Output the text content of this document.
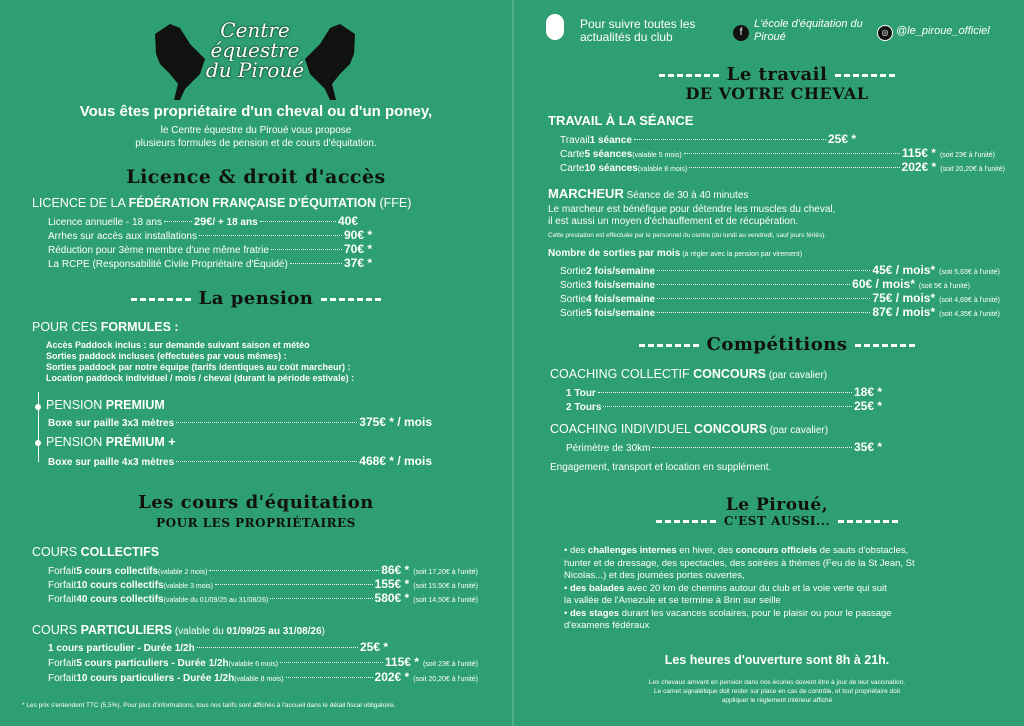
Centre
équestre
du Piroué
Vous êtes propriétaire d'un cheval ou d'un poney,
le Centre équestre du Piroué vous propose
plusieurs formules de pension et de cours d'équitation.
Licence & droit d'accès
LICENCE DE LA FÉDÉRATION FRANÇAISE D'ÉQUITATION (FFE)
Licence annuelle - 18 ans	29€ / + 18 ans	40€
Arrhes sur accès aux installations	90€ *
Réduction pour 3ème membre d'une même fratrie	70€ *
La RCPE (Responsabilité Civile Propriétaire d'Équidé)	37€ *
La pension
POUR CES FORMULES :
Accès Paddock inclus : sur demande suivant saison et météo
Sorties paddock incluses (effectuées par vous mêmes) :
Sorties paddock par notre équipe (tarifs identiques au coût marcheur) :
Location paddock individuel / mois / cheval (durant la période estivale) :
PENSION PREMIUM
Boxe sur paille 3x3 mètres	375€ * / mois
PENSION PRÉMIUM +
Boxe sur paille 4x3 mètres	468€ * / mois
Les cours d'équitation
POUR LES PROPRIÉTAIRES
COURS COLLECTIFS
Forfait 5 cours collectifs (valable 2 mois)	86€ * (soit 17,20€ à l'unité)
Forfait 10 cours collectifs (valable 3 mois)	155€ * (soit 15,50€ à l'unité)
Forfait 40 cours collectifs (valable du 01/09/25 au 31/08/26)	580€ * (soit 14,50€ à l'unité)
COURS PARTICULIERS (valable du 01/09/25 au 31/08/26)
1 cours particulier - Durée 1/2h	25€ *
Forfait 5 cours particuliers - Durée 1/2h (valable 6 mois)	115€ * (soit 23€ à l'unité)
Forfait 10 cours particuliers - Durée 1/2h (valable 8 mois)	202€ * (soit 20,20€ à l'unité)
* Les prix s'entendent TTC (5,5%). Pour plus d'informations, tous nos tarifs sont affichés à l'accueil dans le détail fiscal obligatoire.
Pour suivre toutes les actualités du club	f
L'école d'équitation du Piroué	◎ @le_piroue_officiel
Le travail
DE VOTRE CHEVAL
TRAVAIL À LA SÉANCE
Travail 1 séance	25€ *
Carte 5 séances (valable 5 mois)	115€ * (soit 23€ à l'unité)
Carte 10 séances (valable 8 mois)	202€ * (soit 20,20€ à l'unité)
MARCHEUR Séance de 30 à 40 minutes
Le marcheur est bénéfique pour détendre les muscles du cheval,
il est aussi un moyen d'échauffement et de récupération.
Cette prestation est effectuée par le personnel du centre (du lundi au vendredi, sauf jours fériés).
Nombre de sorties par mois (à régler avec la pension par virement)
Sortie 2 fois/semaine	45€ / mois* (soit 5,63€ à l'unité)
Sortie 3 fois/semaine	60€ / mois* (soit 5€ à l'unité)
Sortie 4 fois/semaine	75€ / mois* (soit 4,69€ à l'unité)
Sortie 5 fois/semaine	87€ / mois* (soit 4,35€ à l'unité)
Compétitions
COACHING COLLECTIF CONCOURS (par cavalier)
1 Tour	18€ *
2 Tours	25€ *
COACHING INDIVIDUEL CONCOURS (par cavalier)
Périmètre de 30km	35€ *
Engagement, transport et location en supplément.
Le Piroué,
C'EST AUSSI...
• des challenges internes en hiver, des concours officiels de sauts d'obstacles,
hunter et de dressage, des spectacles, des soirées à thèmes (Feu de la St Jean, St
Nicolas...) et des journées portes ouvertes,
• des balades avec 20 km de chemins autour du club et la voie verte qui suit
la vallée de l'Amezule et se termine à Brin sur seille
• des stages durant les vacances scolaires, pour le plaisir ou pour le passage
d'examens fédéraux
Les heures d'ouverture sont 8h à 21h.
Les chevaux arrivant en pension dans nos écuries doivent être à jour de leur vaccination.
Le carnet signalétique doit rester sur place en cas de contrôle, et tout propriétaire doit
appliquer le règlement intérieur affiché
